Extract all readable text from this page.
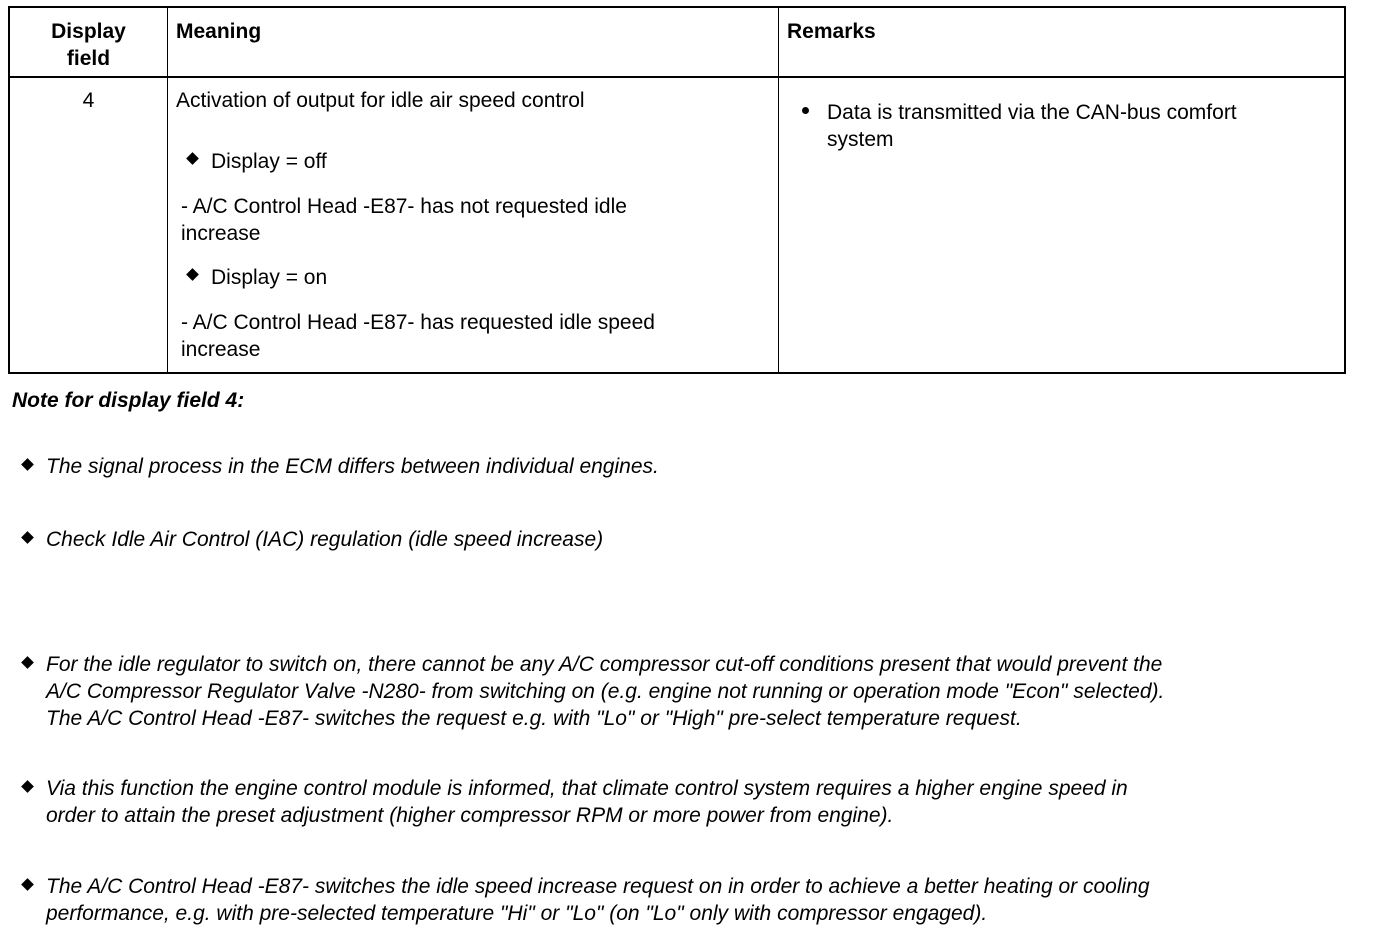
Display
field
Meaning	Remarks
4	Activation of output for idle air speed control
Display = off
- A/C Control Head -E87- has not requested idle
increase
Display = on
- A/C Control Head -E87- has requested idle speed
increase
Data is transmitted via the CAN-bus comfort
system
Note for display field 4:
The signal process in the ECM differs between individual engines.
Check Idle Air Control (IAC) regulation (idle speed increase)
For the idle regulator to switch on, there cannot be any A/C compressor cut-off conditions present that would prevent the
A/C Compressor Regulator Valve -N280- from switching on (e.g. engine not running or operation mode "Econ" selected).
The A/C Control Head -E87- switches the request e.g. with "Lo" or "High" pre-select temperature request.
Via this function the engine control module is informed, that climate control system requires a higher engine speed in
order to attain the preset adjustment (higher compressor RPM or more power from engine).
The A/C Control Head -E87- switches the idle speed increase request on in order to achieve a better heating or cooling
performance, e.g. with pre-selected temperature "Hi" or "Lo" (on "Lo" only with compressor engaged).
